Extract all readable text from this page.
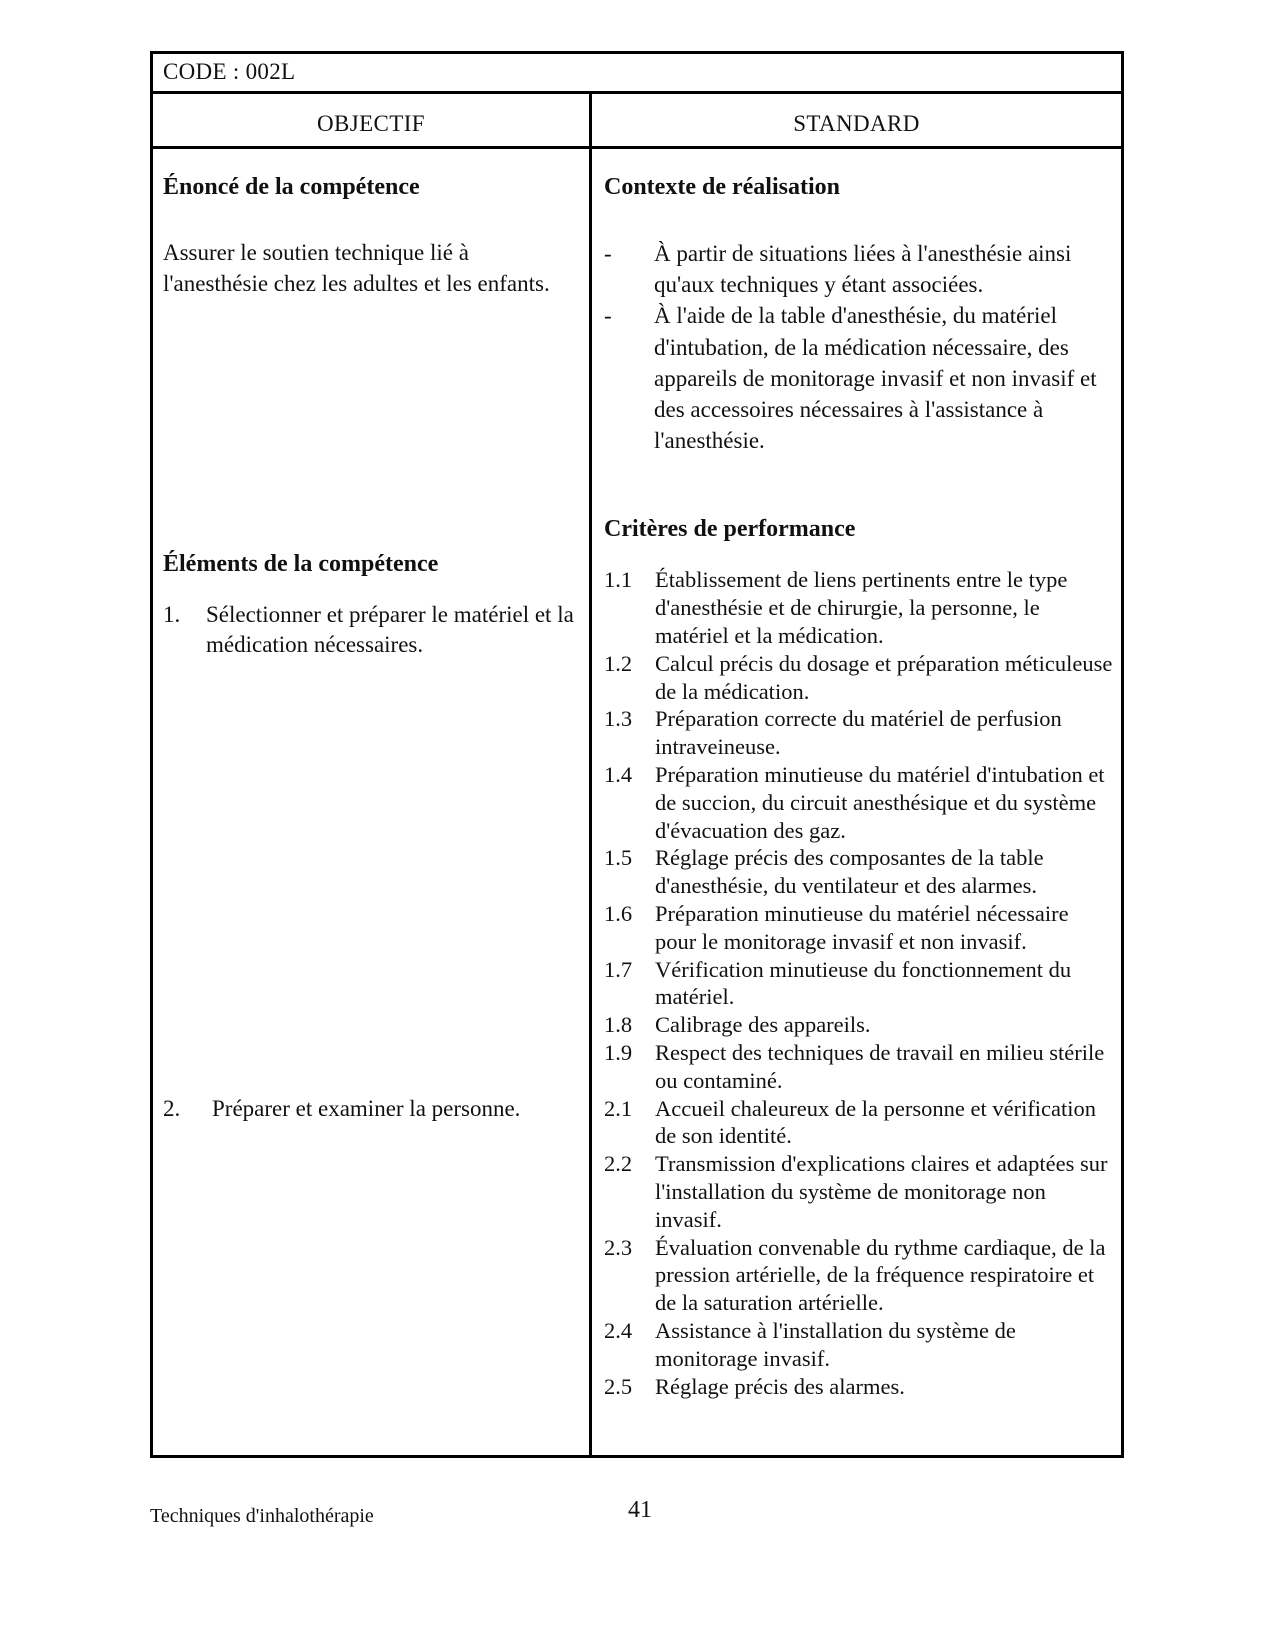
CODE : 002L
OBJECTIF	STANDARD
Énoncé de la compétence
Assurer le soutien technique lié à l'anesthésie chez les adultes et les enfants.
Éléments de la compétence
1. Sélectionner et préparer le matériel et la médication nécessaires.
2. Préparer et examiner la personne.
Contexte de réalisation
- À partir de situations liées à l'anesthésie ainsi qu'aux techniques y étant associées.
- À l'aide de la table d'anesthésie, du matériel d'intubation, de la médication nécessaire, des appareils de monitorage invasif et non invasif et des accessoires nécessaires à l'assistance à l'anesthésie.
Critères de performance
1.1 Établissement de liens pertinents entre le type d'anesthésie et de chirurgie, la personne, le matériel et la médication.
1.2 Calcul précis du dosage et préparation méticuleuse de la médication.
1.3 Préparation correcte du matériel de perfusion intraveineuse.
1.4 Préparation minutieuse du matériel d'intubation et de succion, du circuit anesthésique et du système d'évacuation des gaz.
1.5 Réglage précis des composantes de la table d'anesthésie, du ventilateur et des alarmes.
1.6 Préparation minutieuse du matériel nécessaire pour le monitorage invasif et non invasif.
1.7 Vérification minutieuse du fonctionnement du matériel.
1.8 Calibrage des appareils.
1.9 Respect des techniques de travail en milieu stérile ou contaminé.
2.1 Accueil chaleureux de la personne et vérification de son identité.
2.2 Transmission d'explications claires et adaptées sur l'installation du système de monitorage non invasif.
2.3 Évaluation convenable du rythme cardiaque, de la pression artérielle, de la fréquence respiratoire et de la saturation artérielle.
2.4 Assistance à l'installation du système de monitorage invasif.
2.5 Réglage précis des alarmes.
Techniques d'inhalothérapie	41
